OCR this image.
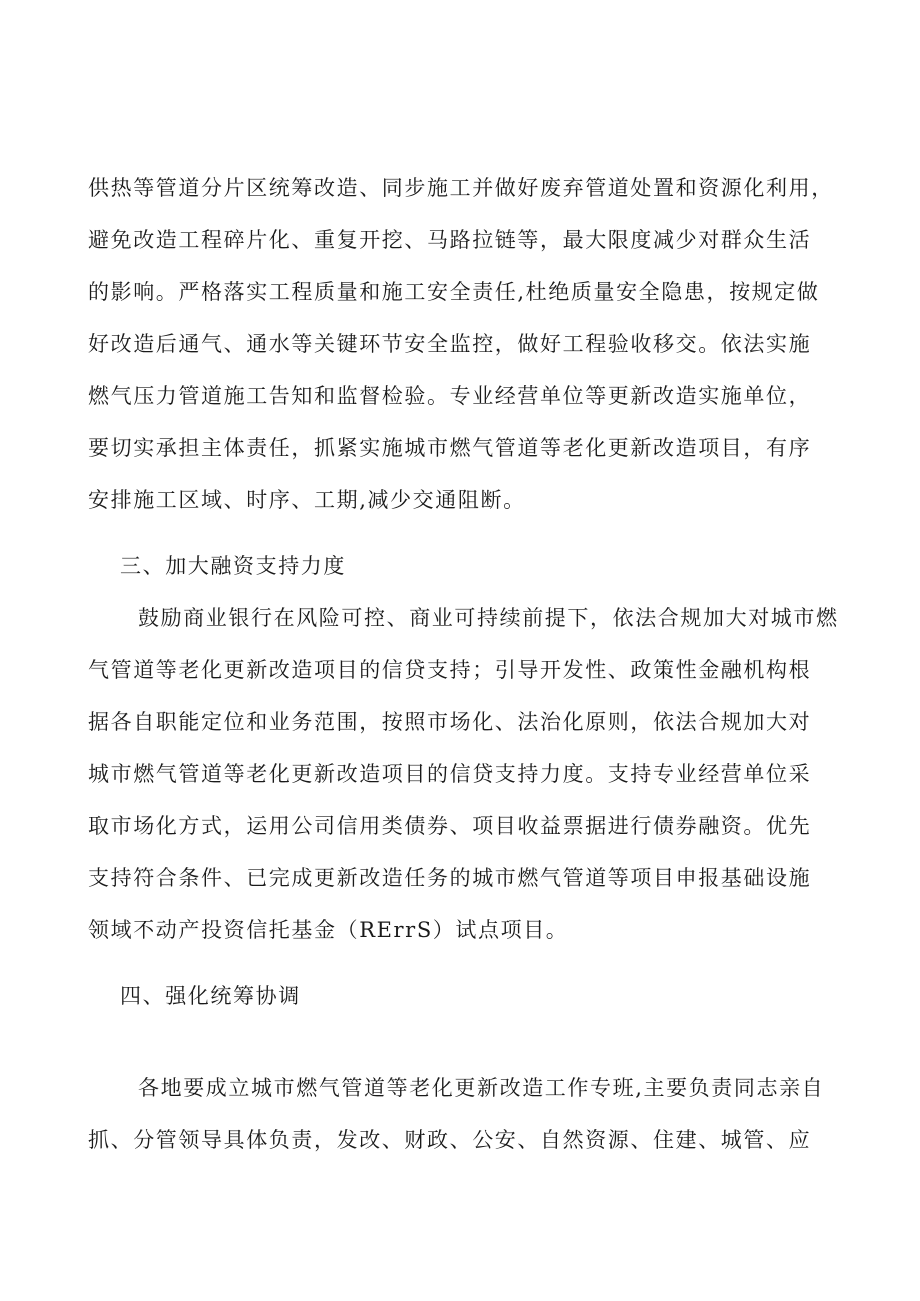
供热等管道分片区统筹改造、同步施工并做好废弃管道处置和资源化利用，
避免改造工程碎片化、重复开挖、马路拉链等，最大限度减少对群众生活
的影响。严格落实工程质量和施工安全责任,杜绝质量安全隐患，按规定做
好改造后通气、通水等关键环节安全监控，做好工程验收移交。依法实施
燃气压力管道施工告知和监督检验。专业经营单位等更新改造实施单位，
要切实承担主体责任，抓紧实施城市燃气管道等老化更新改造项目，有序
安排施工区域、时序、工期,减少交通阻断。
三、加大融资支持力度
鼓励商业银行在风险可控、商业可持续前提下，依法合规加大对城市燃
气管道等老化更新改造项目的信贷支持；引导开发性、政策性金融机构根
据各自职能定位和业务范围，按照市场化、法治化原则，依法合规加大对
城市燃气管道等老化更新改造项目的信贷支持力度。支持专业经营单位采
取市场化方式，运用公司信用类债券、项目收益票据进行债券融资。优先
支持符合条件、已完成更新改造任务的城市燃气管道等项目申报基础设施
领域不动产投资信托基金（RErrS）试点项目。
四、强化统筹协调
各地要成立城市燃气管道等老化更新改造工作专班,主要负责同志亲自
抓、分管领导具体负责，发改、财政、公安、自然资源、住建、城管、应
